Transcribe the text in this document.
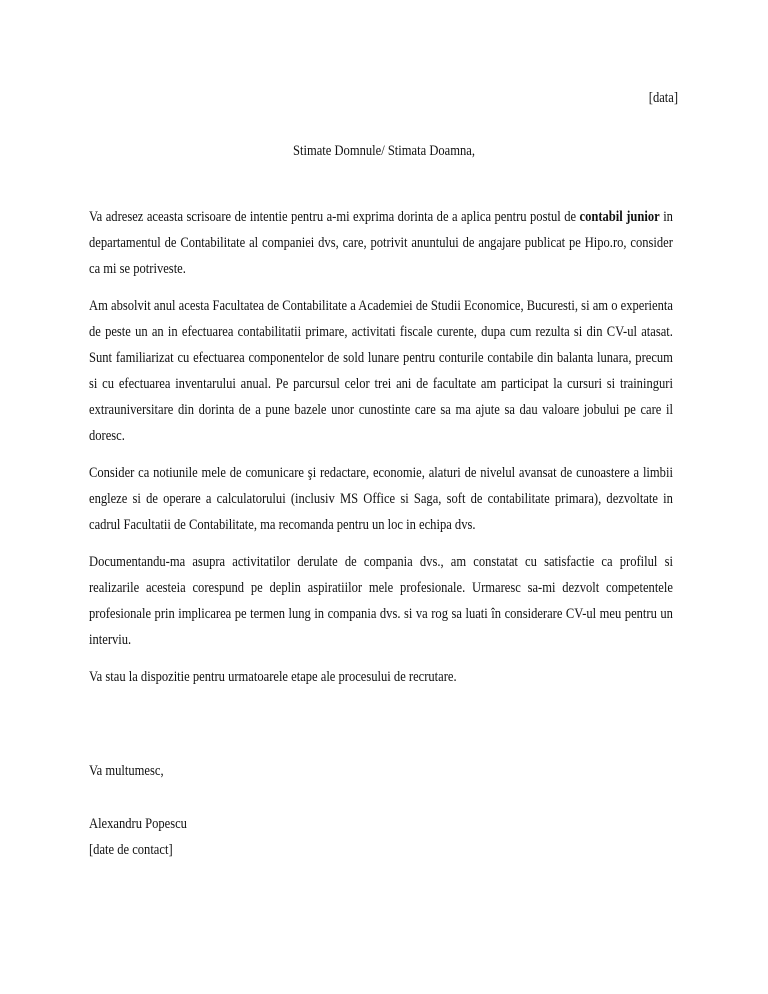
[data]
Stimate Domnule/ Stimata Doamna,

Va adresez aceasta scrisoare de intentie pentru a-mi exprima dorinta de a aplica pentru postul de contabil junior in departamentul de Contabilitate al companiei dvs, care, potrivit anuntului de angajare publicat pe Hipo.ro, consider ca mi se potriveste.

Am absolvit anul acesta Facultatea de Contabilitate a Academiei de Studii Economice, Bucuresti, si am o experienta de peste un an in efectuarea contabilitatii primare, activitati fiscale curente, dupa cum rezulta si din CV-ul atasat. Sunt familiarizat cu efectuarea componentelor de sold lunare pentru conturile contabile din balanta lunara, precum si cu efectuarea inventarului anual. Pe parcursul celor trei ani de facultate am participat la cursuri si traininguri extrauniversitare din dorinta de a pune bazele unor cunostinte care sa ma ajute sa dau valoare jobului pe care il doresc.

Consider ca notiunile mele de comunicare şi redactare, economie, alaturi de nivelul avansat de cunoastere a limbii engleze si de operare a calculatorului (inclusiv MS Office si Saga, soft de contabilitate primara), dezvoltate in cadrul Facultatii de Contabilitate, ma recomanda pentru un loc in echipa dvs.

Documentandu-ma asupra activitatilor derulate de compania dvs., am constatat cu satisfactie ca profilul si realizarile acesteia corespund pe deplin aspiratiilor mele profesionale. Urmaresc sa-mi dezvolt competentele profesionale prin implicarea pe termen lung in compania dvs. si va rog sa luati în considerare CV-ul meu pentru un interviu.

Va stau la dispozitie pentru urmatoarele etape ale procesului de recrutare.

Va multumesc,
Alexandru Popescu
[date de contact]
